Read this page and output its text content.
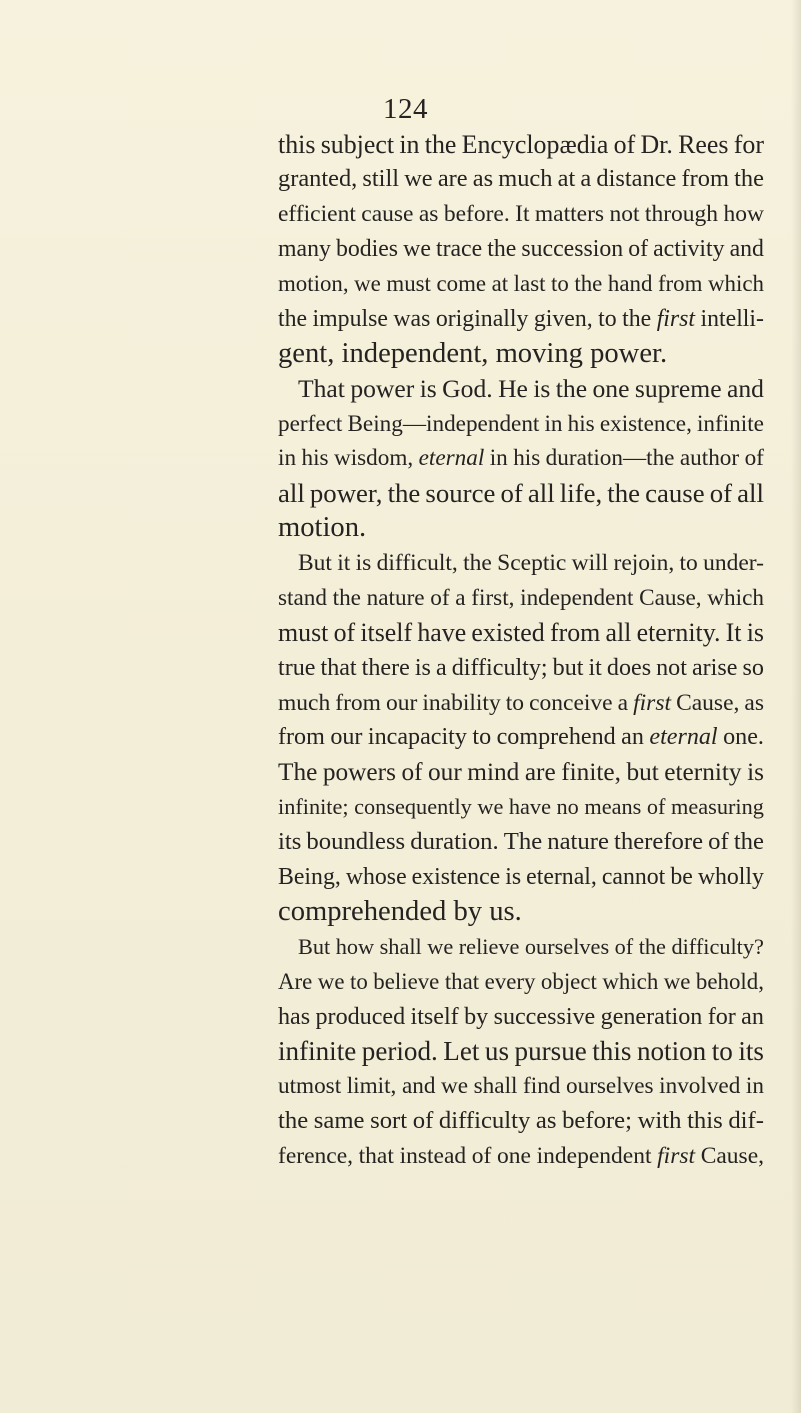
124
this subject in the Encyclopædia of Dr. Rees for
granted, still we are as much at a distance from the
efficient cause as before. It matters not through how
many bodies we trace the succession of activity and
motion, we must come at last to the hand from which
the impulse was originally given, to the first intelli-
gent, independent, moving power.
That power is God. He is the one supreme and
perfect Being—independent in his existence, infinite
in his wisdom, eternal in his duration—the author of
all power, the source of all life, the cause of all
motion.
But it is difficult, the Sceptic will rejoin, to under-
stand the nature of a first, independent Cause, which
must of itself have existed from all eternity. It is
true that there is a difficulty; but it does not arise so
much from our inability to conceive a first Cause, as
from our incapacity to comprehend an eternal one.
The powers of our mind are finite, but eternity is
infinite; consequently we have no means of measuring
its boundless duration. The nature therefore of the
Being, whose existence is eternal, cannot be wholly
comprehended by us.
But how shall we relieve ourselves of the difficulty?
Are we to believe that every object which we behold,
has produced itself by successive generation for an
infinite period. Let us pursue this notion to its
utmost limit, and we shall find ourselves involved in
the same sort of difficulty as before; with this dif-
ference, that instead of one independent first Cause,
